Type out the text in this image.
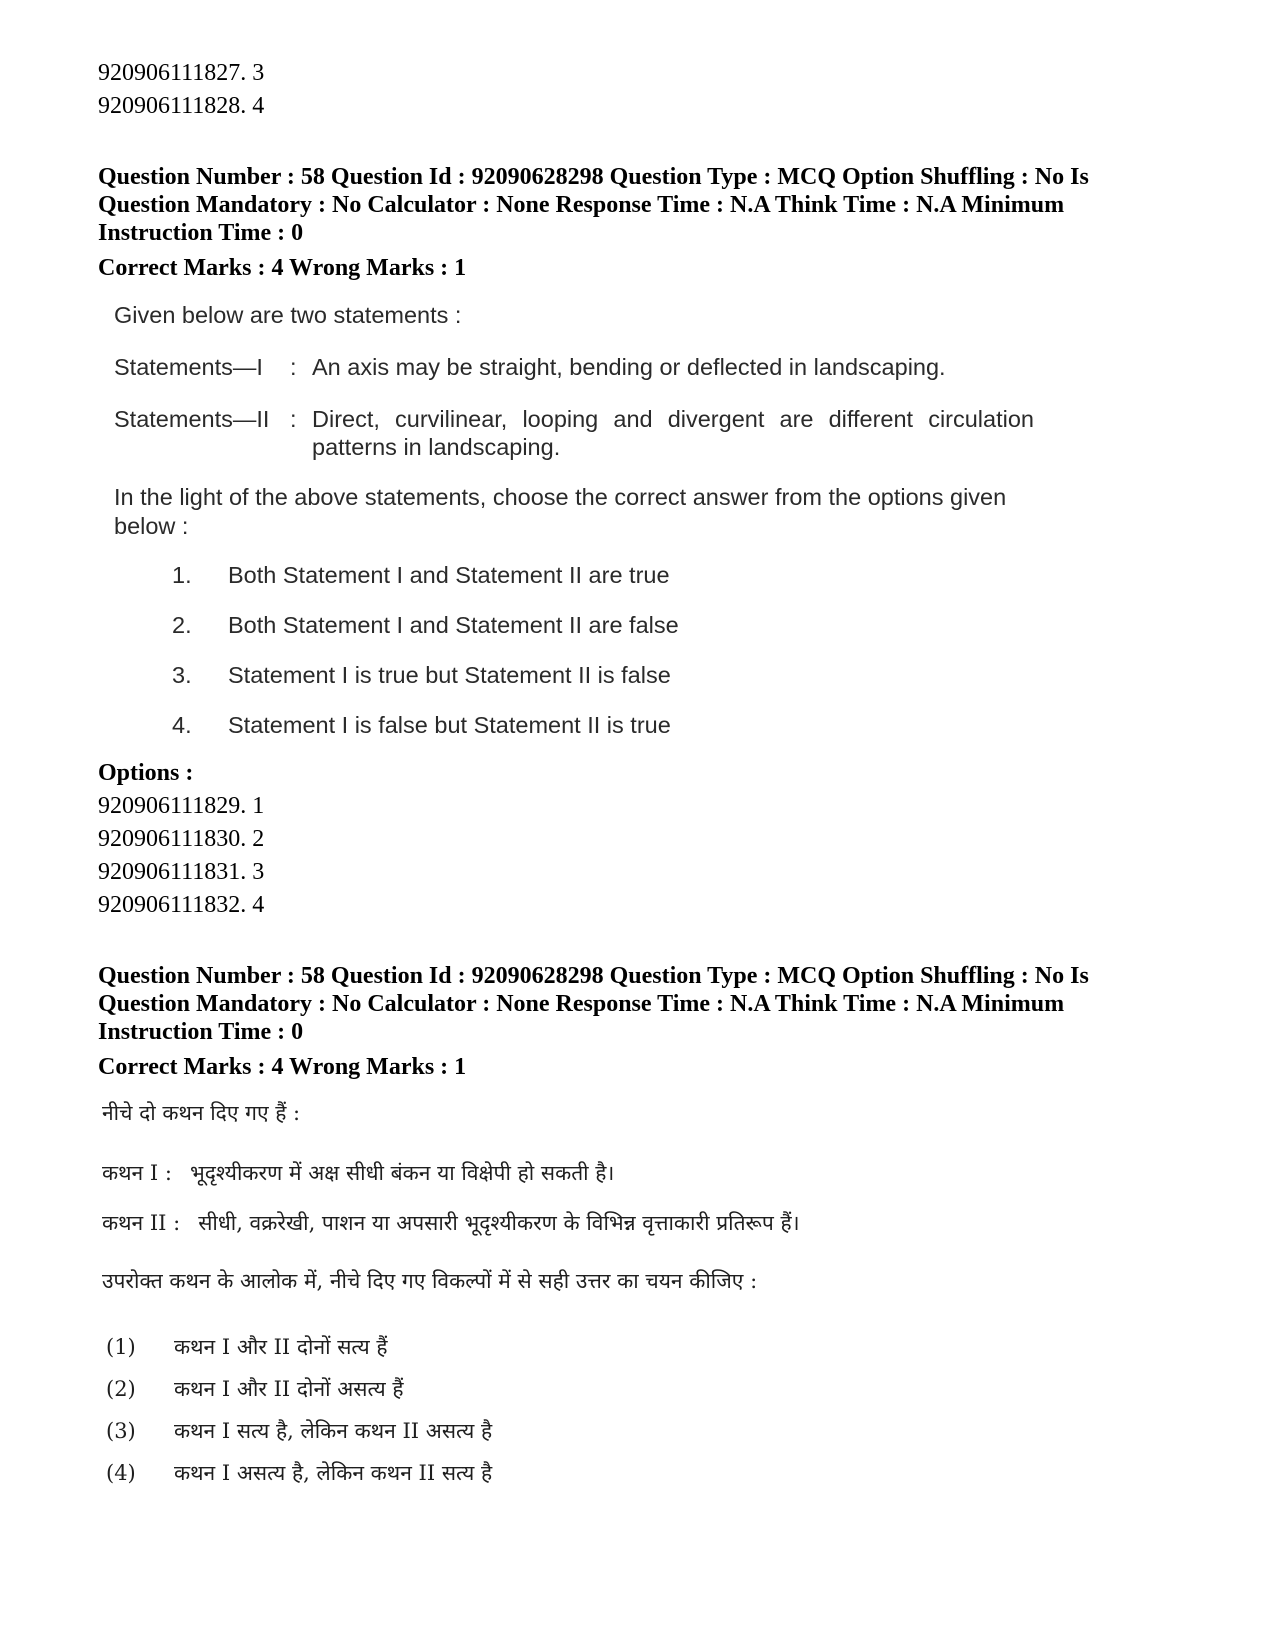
920906111827. 3
920906111828. 4
Question Number : 58 Question Id : 92090628298 Question Type : MCQ Option Shuffling : No Is
Question Mandatory : No Calculator : None Response Time : N.A Think Time : N.A Minimum
Instruction Time : 0
Correct Marks : 4 Wrong Marks : 1
Given below are two statements :
Statements—I	: An axis may be straight, bending or deflected in landscaping.
Statements—II : Direct, curvilinear, looping and divergent are different circulation patterns in landscaping.
In the light of the above statements, choose the correct answer from the options given below :
1.	Both Statement I and Statement II are true
2.	Both Statement I and Statement II are false
3.	Statement I is true but Statement II is false
4.	Statement I is false but Statement II is true
Options :
920906111829. 1
920906111830. 2
920906111831. 3
920906111832. 4
Question Number : 58 Question Id : 92090628298 Question Type : MCQ Option Shuffling : No Is
Question Mandatory : No Calculator : None Response Time : N.A Think Time : N.A Minimum
Instruction Time : 0
Correct Marks : 4 Wrong Marks : 1
नीचे दो कथन दिए गए हैं :
कथन I : भूदृश्यीकरण में अक्ष सीधी बंकन या विक्षेपी हो सकती है।
कथन II : सीधी, वक्ररेखी, पाशन या अपसारी भूदृश्यीकरण के विभिन्न वृत्ताकारी प्रतिरूप हैं।
उपरोक्त कथन के आलोक में, नीचे दिए गए विकल्पों में से सही उत्तर का चयन कीजिए :
(1)	कथन I और II दोनों सत्य हैं
(2)	कथन I और II दोनों असत्य हैं
(3)	कथन I सत्य है, लेकिन कथन II असत्य है
(4)	कथन I असत्य है, लेकिन कथन II सत्य है
